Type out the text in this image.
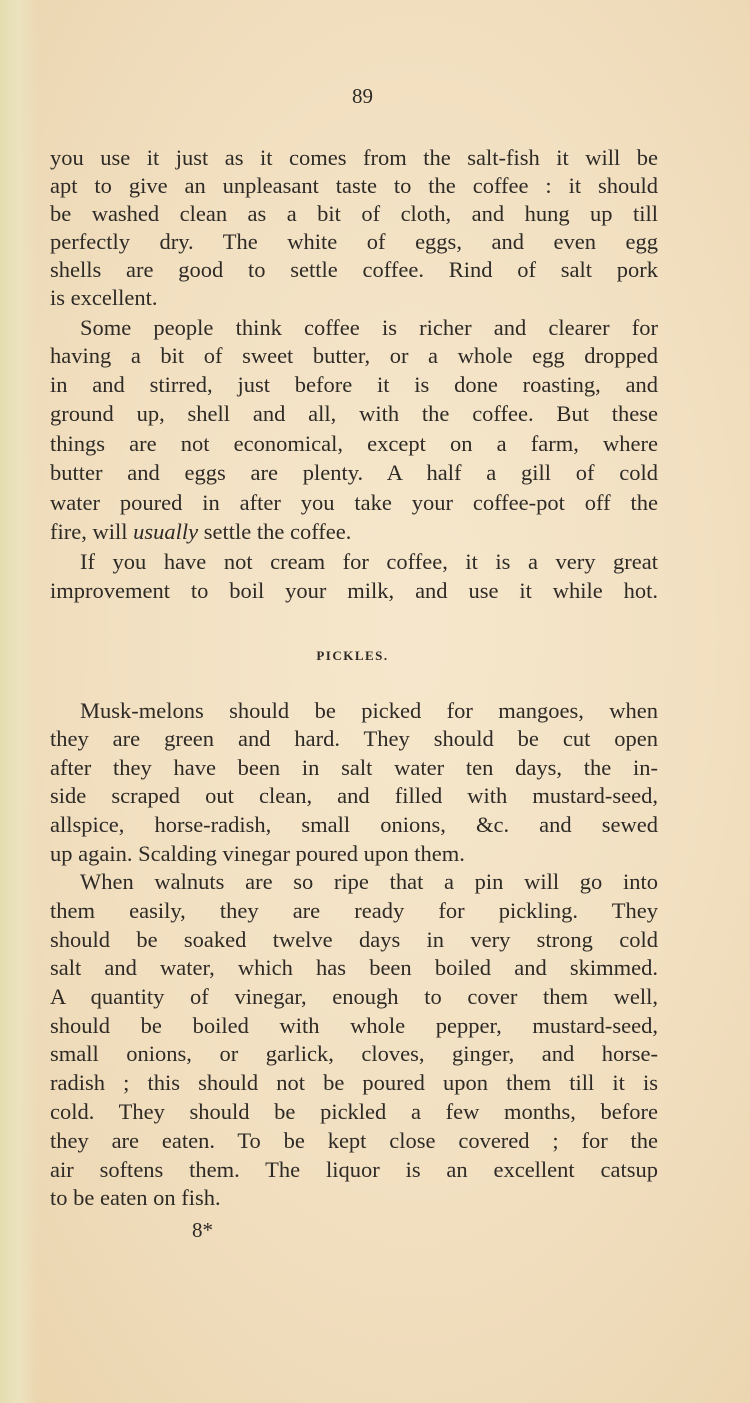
89
you use it just as it comes from the salt-fish it will be
apt to give an unpleasant taste to the coffee : it should
be washed clean as a bit of cloth, and hung up till
perfectly dry. The white of eggs, and even egg
shells are good to settle coffee. Rind of salt pork
is excellent.
Some people think coffee is richer and clearer for
having a bit of sweet butter, or a whole egg dropped
in and stirred, just before it is done roasting, and
ground up, shell and all, with the coffee. But these
things are not economical, except on a farm, where
butter and eggs are plenty. A half a gill of cold
water poured in after you take your coffee-pot off the
fire, will usually settle the coffee.
If you have not cream for coffee, it is a very great
improvement to boil your milk, and use it while hot.
PICKLES.
Musk-melons should be picked for mangoes, when
they are green and hard. They should be cut open
after they have been in salt water ten days, the in-
side scraped out clean, and filled with mustard-seed,
allspice, horse-radish, small onions, &c. and sewed
up again. Scalding vinegar poured upon them.
When walnuts are so ripe that a pin will go into
them easily, they are ready for pickling. They
should be soaked twelve days in very strong cold
salt and water, which has been boiled and skimmed.
A quantity of vinegar, enough to cover them well,
should be boiled with whole pepper, mustard-seed,
small onions, or garlick, cloves, ginger, and horse-
radish ; this should not be poured upon them till it is
cold. They should be pickled a few months, before
they are eaten. To be kept close covered ; for the
air softens them. The liquor is an excellent catsup
to be eaten on fish.
8*
